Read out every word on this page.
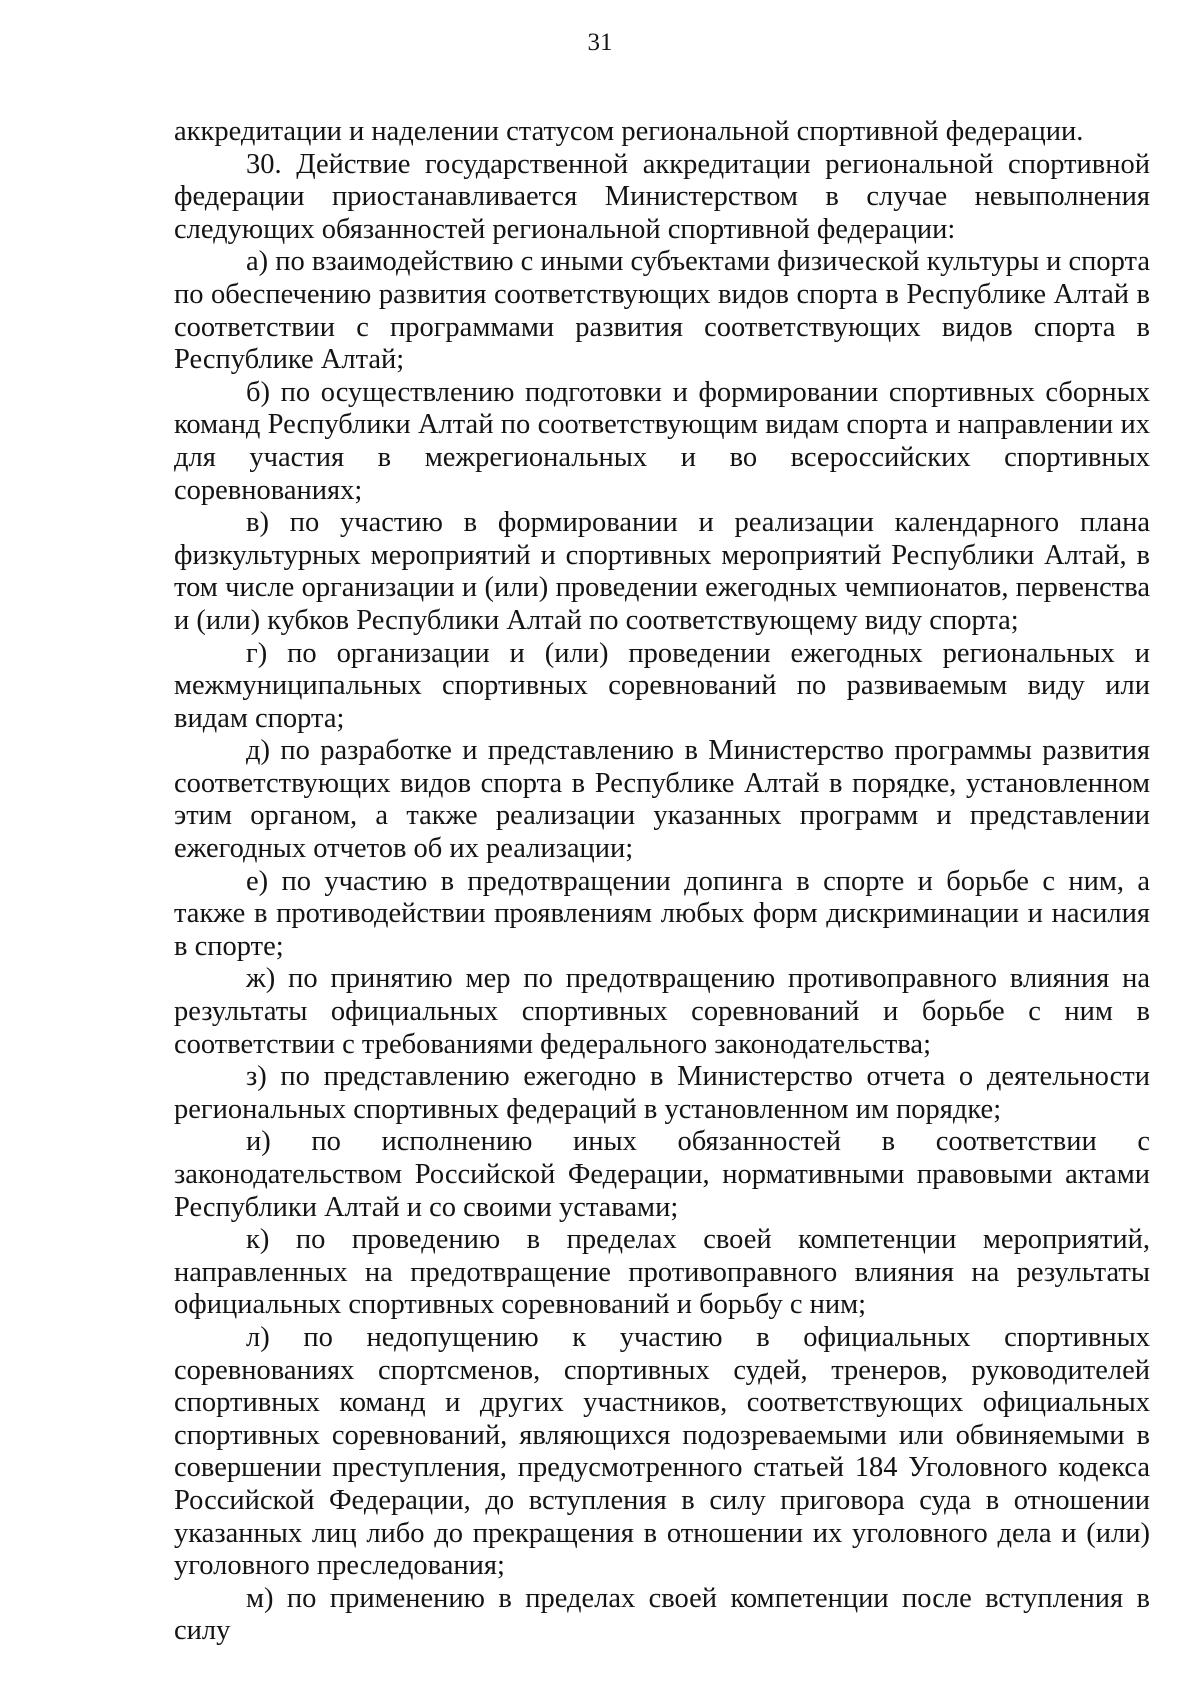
31

аккредитации и наделении статусом региональной спортивной федерации.

30. Действие государственной аккредитации региональной спортивной федерации приостанавливается Министерством в случае невыполнения следующих обязанностей региональной спортивной федерации:

а) по взаимодействию с иными субъектами физической культуры и спорта по обеспечению развития соответствующих видов спорта в Республике Алтай в соответствии с программами развития соответствующих видов спорта в Республике Алтай;

б) по осуществлению подготовки и формировании спортивных сборных команд Республики Алтай по соответствующим видам спорта и направлении их для участия в межрегиональных и во всероссийских спортивных соревнованиях;

в) по участию в формировании и реализации календарного плана физкультурных мероприятий и спортивных мероприятий Республики Алтай, в том числе организации и (или) проведении ежегодных чемпионатов, первенства и (или) кубков Республики Алтай по соответствующему виду спорта;

г) по организации и (или) проведении ежегодных региональных и межмуниципальных спортивных соревнований по развиваемым виду или видам спорта;

д) по разработке и представлению в Министерство программы развития соответствующих видов спорта в Республике Алтай в порядке, установленном этим органом, а также реализации указанных программ и представлении ежегодных отчетов об их реализации;

е) по участию в предотвращении допинга в спорте и борьбе с ним, а также в противодействии проявлениям любых форм дискриминации и насилия в спорте;

ж) по принятию мер по предотвращению противоправного влияния на результаты официальных спортивных соревнований и борьбе с ним в соответствии с требованиями федерального законодательства;

з) по представлению ежегодно в Министерство отчета о деятельности региональных спортивных федераций в установленном им порядке;

и) по исполнению иных обязанностей в соответствии с законодательством Российской Федерации, нормативными правовыми актами Республики Алтай и со своими уставами;

к) по проведению в пределах своей компетенции мероприятий, направленных на предотвращение противоправного влияния на результаты официальных спортивных соревнований и борьбу с ним;

л) по недопущению к участию в официальных спортивных соревнованиях спортсменов, спортивных судей, тренеров, руководителей спортивных команд и других участников, соответствующих официальных спортивных соревнований, являющихся подозреваемыми или обвиняемыми в совершении преступления, предусмотренного статьей 184 Уголовного кодекса Российской Федерации, до вступления в силу приговора суда в отношении указанных лиц либо до прекращения в отношении их уголовного дела и (или) уголовного преследования;

м) по применению в пределах своей компетенции после вступления в силу
